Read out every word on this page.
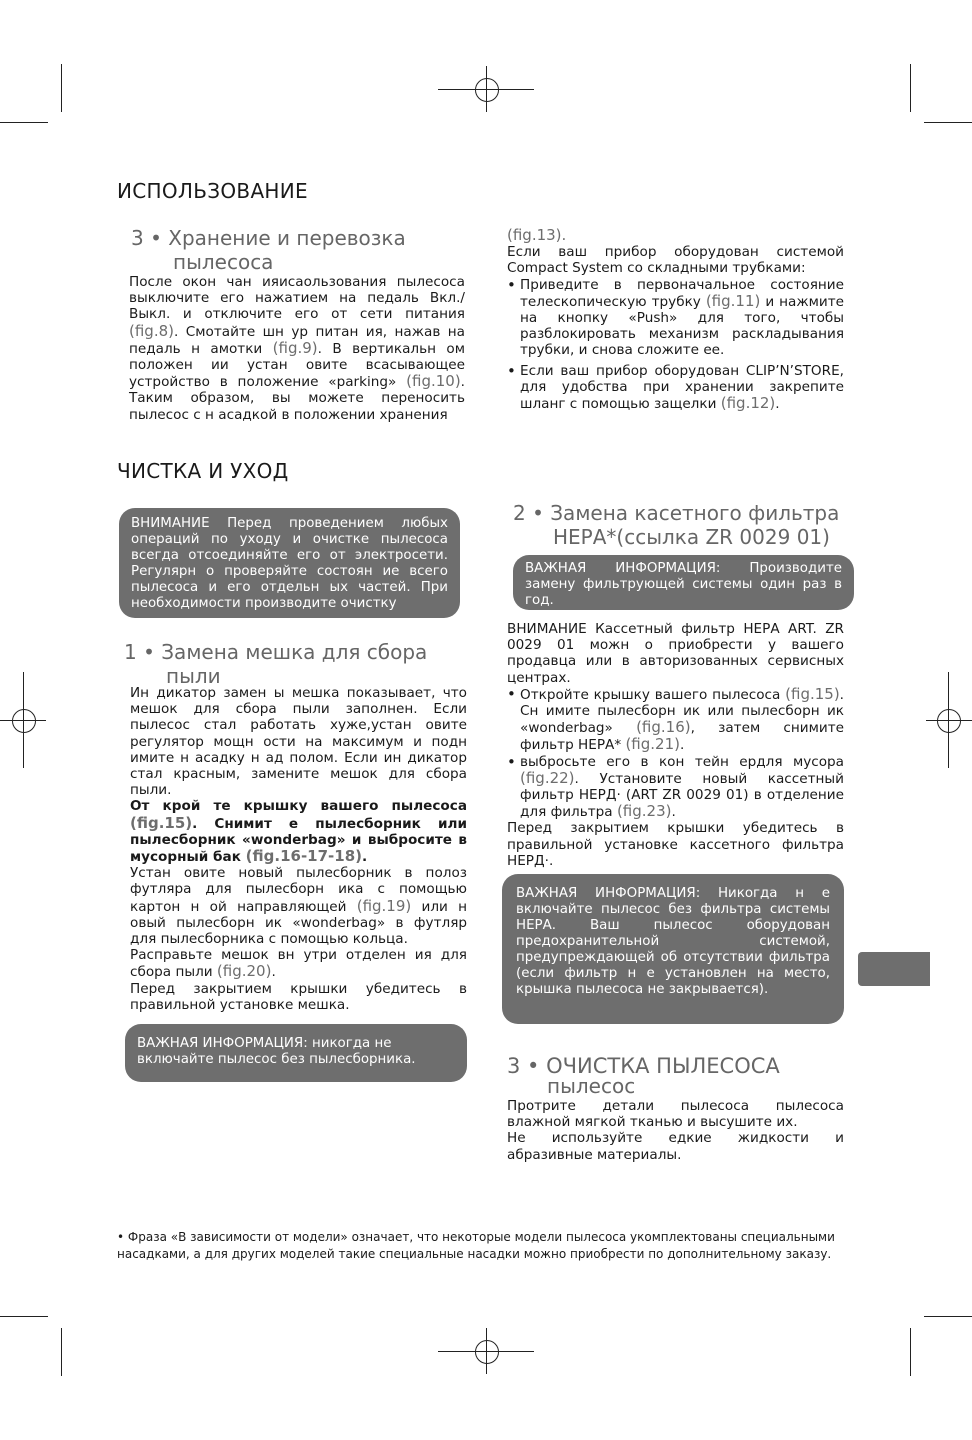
ИСПОЛЬЗОВАНИЕ
3 • Хранение и перевозка
пылесоса

После окон чан ияисаользования пылесоса выключите его нажатием на педаль Вкл./ Выкл. и отключите его от сети питания (fig.8). Смотайте шн ур питан ия, нажав на педаль н амотки (fig.9). В вертикальн ом положен ии устан овите всасывающее устройство в положение «parking» (fig.10). Таким образом, вы можете переносить пылесос с н асадкой в положении хранения

(fig.13).

Если ваш прибор оборудован системой Compact System со складными трубками:

• Приведите в первоначальное состояние телескопическую трубку (fig.11) и нажмите на кнопку «Push» для того, чтобы разблокировать механизм раскладывания трубки, и снова сложите ее.

• Если ваш прибор оборудован CLIP’N’STORE, для удобства при хранении закрепите шланг с помощью защелки (fig.12).

ЧИСТКА И УХОД
ВНИМАНИЕ Перед проведением любых операций по уходу и очистке пылесоса всегда отсоединяйте его от электросети. Регулярн о проверяйте состоян ие всего пылесоса и его отдельн ых частей. При необходимости производите очистку
1 • Замена мешка для сбора
пыли

Ин дикатор замен ы мешка показывает, что мешок для сбора пыли заполнен. Если пылесос стал работать хуже,устан овите регулятор мощн ости на максимум и подн имите н асадку н ад полом. Если ин дикатор стал красным, замените мешок для сбора пыли.

От крой те крышку вашего пылесоса (fig.15). Снимит е пылесборник или пылесборник «wonderbag» и выбросите в мусорный бак (fig.16-17-18).

Устан овите новый пылесборник в полоз футляра для пылесборн ика с помощью картон н ой направляющей (fig.19) или н овый пылесборн ик «wonderbag» в футляр для пылесборника с помощью кольца.

Расправьте мешок вн утри отделен ия для сбора пыли (fig.20).

Перед закрытием крышки убедитесь в правильной установке мешка.

ВАЖНАЯ ИНФОРМАЦИЯ: никогда не включайте пылесос без пылесборника.
2 • Замена касетного фильтра
НЕРА*(ссылка ZR 0029 01)
ВАЖНАЯ ИНФОРМАЦИЯ: Производите замену фильтрующей системы один раз в год.

ВНИМАНИЕ Кассетный фильтр НЕРА ART. ZR 0029 01 можн о приобрести у вашего продавца или в авторизованных сервисных центрах.

• Откройте крышку вашего пылесоса (fig.15). Сн имите пылесборн ик или пылесборн ик «wonderbag» (fig.16), затем снимите фильтр НЕРА* (fig.21).

• выбросьте его в кон тейн ердля мусора (fig.22). Установите новый кассетный фильтр НЕРД· (ART ZR 0029 01) в отделение для фильтра (fig.23).

Перед закрытием крышки убедитесь в правильной установке кассетного фильтра НЕРД·.

ВАЖНАЯ ИНФОРМАЦИЯ: Никогда н е включайте пылесос без фильтра системы НЕРА. Ваш пылесос оборудован предохранительной системой, предупреждающей об отсутствии фильтра (если фильтр н е установлен на место, крышка пылесоса не закрывается).
3 • ОЧИСТКА ПЫЛЕСОСА
пылесос

Протрите детали пылесоса пылесоса влажной мягкой тканью и высушите их.

Не используйте едкие жидкости и абразивные материалы.

• Фраза «В зависимости от модели» означает, что некоторые модели пылесоса укомплектованы специальными насадками, а для других моделей такие специальные насадки можно приобрести по дополнительному заказу.
